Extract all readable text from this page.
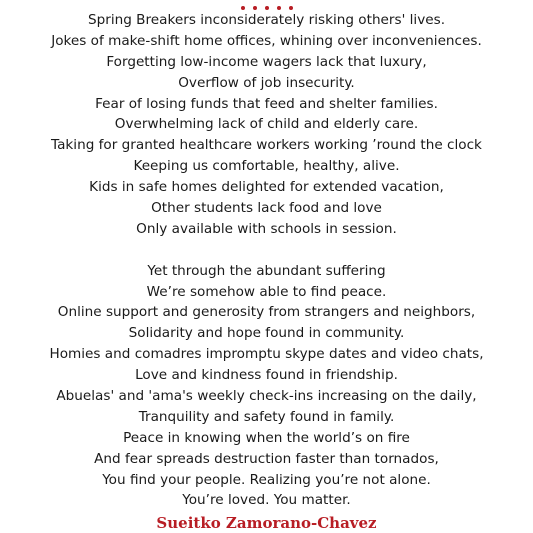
Spring Breakers inconsiderately risking others' lives.
Jokes of make-shift home offices, whining over inconveniences.
Forgetting low-income wagers lack that luxury,
Overflow of job insecurity.
Fear of losing funds that feed and shelter families.
Overwhelming lack of child and elderly care.
Taking for granted healthcare workers working ’round the clock
Keeping us comfortable, healthy, alive.
Kids in safe homes delighted for extended vacation,
Other students lack food and love
Only available with schools in session.
Yet through the abundant suffering
We’re somehow able to find peace.
Online support and generosity from strangers and neighbors,
Solidarity and hope found in community.
Homies and comadres impromptu skype dates and video chats,
Love and kindness found in friendship.
Abuelas' and 'ama's weekly check-ins increasing on the daily,
Tranquility and safety found in family.
Peace in knowing when the world’s on fire
And fear spreads destruction faster than tornados,
You find your people. Realizing you’re not alone.
You’re loved. You matter.
Sueitko Zamorano-Chavez
